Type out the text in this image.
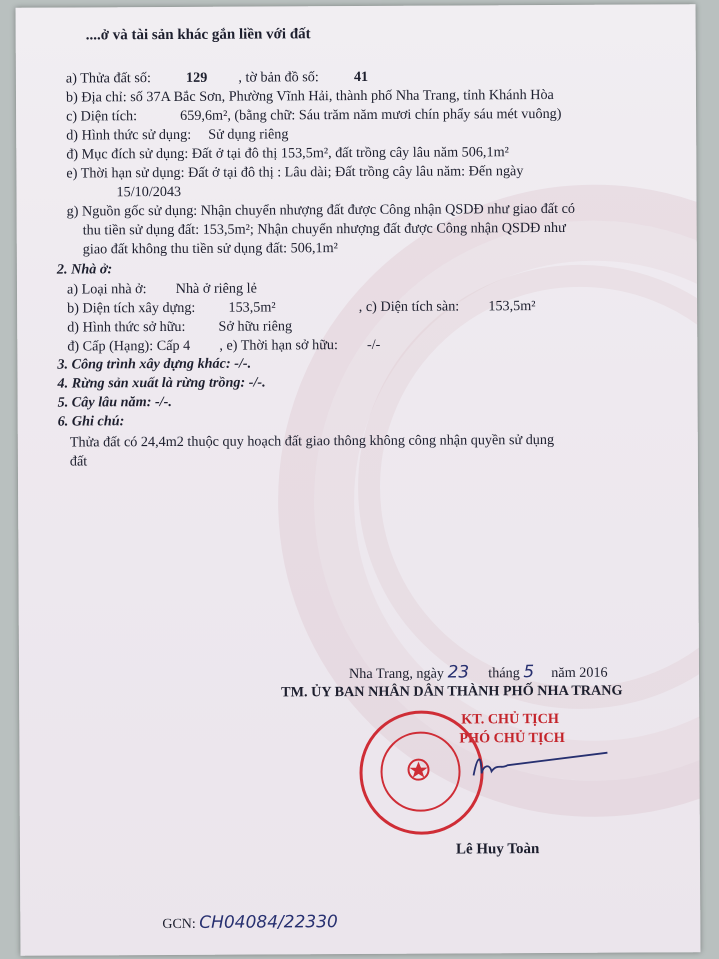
....ở và tài sản khác gắn liền với đất
a) Thửa đất số: 129 , tờ bản đồ số: 41
b) Địa chỉ: số 37A Bắc Sơn, Phường Vĩnh Hải, thành phố Nha Trang, tỉnh Khánh Hòa
c) Diện tích:	659,6m², (bằng chữ: Sáu trăm năm mươi chín phẩy sáu mét vuông)
d) Hình thức sử dụng: Sử dụng riêng
đ) Mục đích sử dụng: Đất ở tại đô thị 153,5m², đất trồng cây lâu năm 506,1m²
e) Thời hạn sử dụng: Đất ở tại đô thị : Lâu dài; Đất trồng cây lâu năm: Đến ngày
15/10/2043
g) Nguồn gốc sử dụng: Nhận chuyển nhượng đất được Công nhận QSDĐ như giao đất có
thu tiền sử dụng đất: 153,5m²; Nhận chuyển nhượng đất được Công nhận QSDĐ như
giao đất không thu tiền sử dụng đất: 506,1m²
2. Nhà ở:
a) Loại nhà ở: Nhà ở riêng lẻ
b) Diện tích xây dựng: 153,5m²	, c) Diện tích sàn: 153,5m²
d) Hình thức sở hữu: Sở hữu riêng
đ) Cấp (Hạng): Cấp 4 , e) Thời hạn sở hữu: -/-
3. Công trình xây dựng khác: -/-.
4. Rừng sản xuất là rừng trồng: -/-.
5. Cây lâu năm: -/-.
6. Ghi chú:
Thửa đất có 24,4m2 thuộc quy hoạch đất giao thông không công nhận quyền sử dụng
đất
Nha Trang, ngày 23 tháng 5 năm 2016
TM. ỦY BAN NHÂN DÂN THÀNH PHỐ NHA TRANG
KT. CHỦ TỊCH
PHÓ CHỦ TỊCH
Lê Huy Toàn
GCN: CH04084/22330
